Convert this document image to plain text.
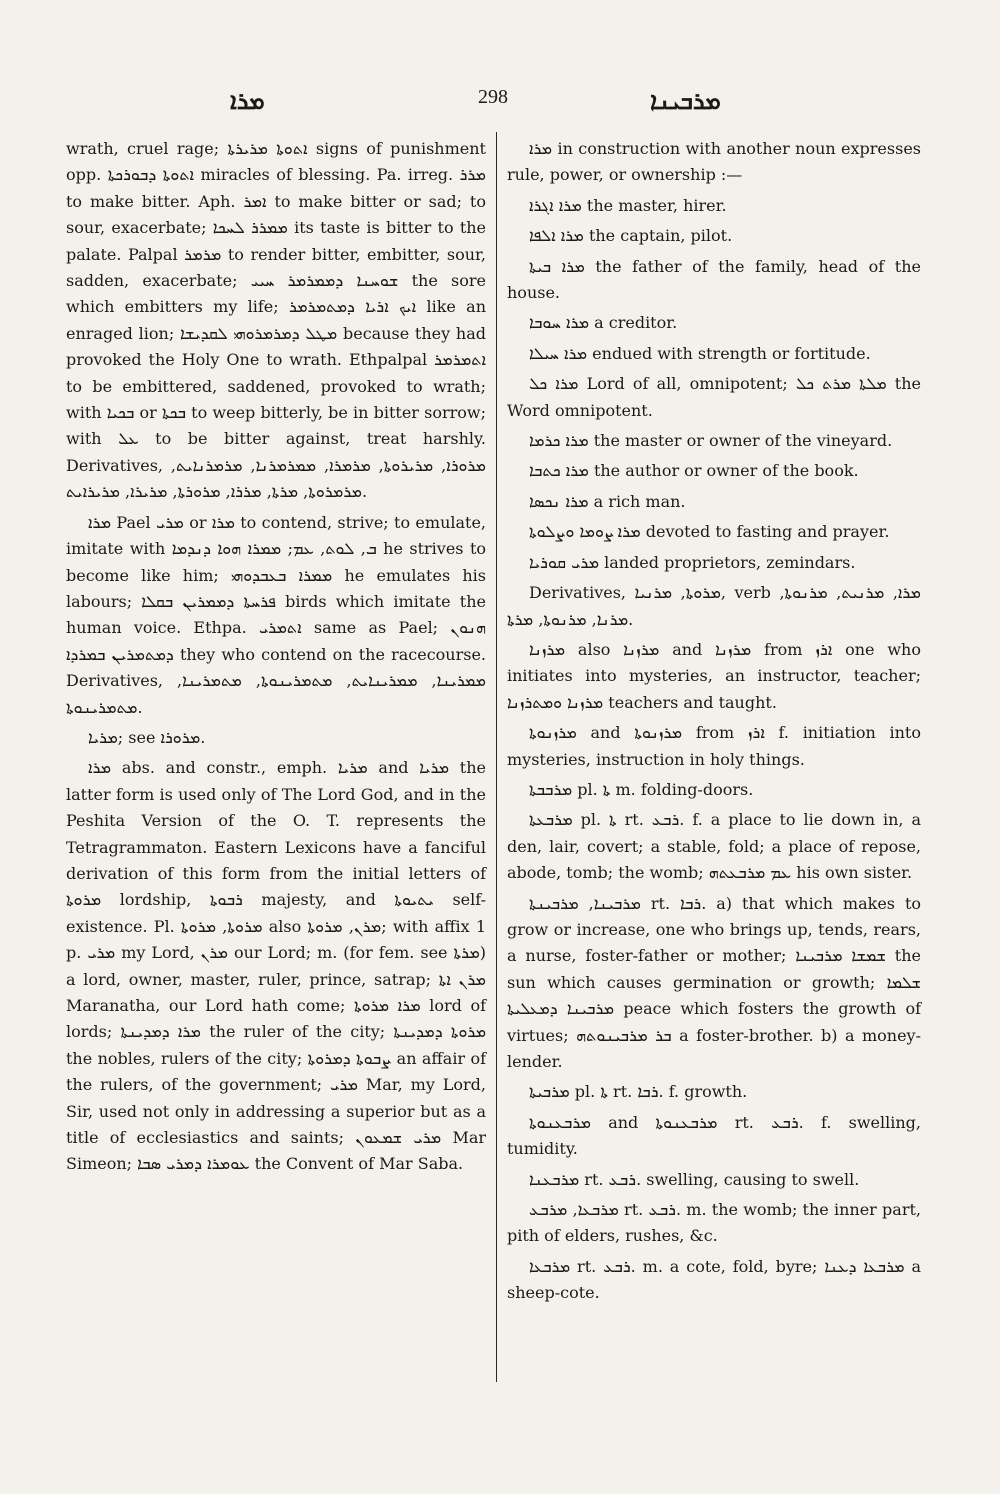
ܡܪܐ	298	ܡܪܒܝܢܐ

wrath, cruel rage; ܐܬܘܬܐ ܡܪܝܪܬܐ signs of punishment opp. ܐܬܘܬܐ ܕܒܘܪܟܬܐ miracles of blessing. Pa. irreg. ܡܪܪ to make bitter. Aph. ܐܡܪ to make bitter or sad; to sour, exacerbate; ܡܡܪܪ ܠܚܟܐ its taste is bitter to the palate. Palpal ܡܪܡܪ to render bitter, embitter, sour, sadden, exacerbate; ܫܘܚܢܐ ܕܡܡܪܡܪ ܚܝܝ the sore which embitters my life; ܐܝܟ ܐܪܝܐ ܕܡܬܡܪܡܪ like an enraged lion; ܡܛܠ ܕܡܪܡܪܘܗܝ ܠܩܕܝܫܐ because they had provoked the Holy One to wrath. Ethpalpal ܐܬܡܪܡܪ to be embittered, saddened, provoked to wrath; with ܒܟܝܐ or ܒܟܬܐ to weep bitterly, be in bitter sorrow; with ܥܠ to be bitter against, treat harshly. Derivatives, ܡܪܘܪܐ, ܡܪܝܪܘܬܐ, ܡܪܡܪܐ, ܡܡܪܡܪܢܐ, ܡܪܡܪܢܐܝܬ, ܡܪܡܪܘܬܐ, ܡܪܬܐ, ܡܪܪܐ, ܡܪܘܪܬܐ, ܡܪܝܪܐ, ܡܪܝܪܐܝܬ.

ܡܪܐ Pael ܡܪܝ or ܡܪܐ to contend, strive; to emulate, imitate with ܒ, ܠܘܬ, ܥܡ; ܡܡܪܐ ܗܘܐ ܕܢܕܡܐ he strives to become like him; ܡܡܪܐ ܒܥܒܕܘܗܝ he emulates his labours; ܦܪܚܬܐ ܕܡܡܪܝܢ ܒܩܠܐ birds which imitate the human voice. Ethpa. ܐܬܡܪܝ same as Pael; ܗܢܘܢ ܕܡܬܡܪܝܢ ܒܡܪܕܐ they who contend on the racecourse. Derivatives, ܡܡܪܝܢܐ, ܡܡܪܝܢܐܝܬ, ܡܬܡܪܝܢܘܬܐ, ܡܬܡܪܝܢܐ, ܡܬܡܪܝܢܘܬܐ.

ܡܪܝܐ; see ܡܪܘܪܐ.

ܡܪܐ abs. and constr., emph. ܡܪܝܐ and ܡܪܝܐ the latter form is used only of The Lord God, and in the Peshita Version of the O. T. represents the Tetragrammaton. Eastern Lexicons have a fanciful derivation of this form from the initial letters of ܡܪܘܬܐ lordship, ܪܒܘܬܐ majesty, and ܝܬܝܘܬܐ self-existence. Pl. ܡܪܘܬܐ, ܡܪܘܬܐ also ܡܪܢ, ܡܪܘܬܐ; with affix 1 p. ܡܪܝ my Lord, ܡܪܢ our Lord; m. (for fem. see ܡܪܬܐ) a lord, owner, master, ruler, prince, satrap; ܡܪܢ ܐܬܐ Maranatha, our Lord hath come; ܡܪܐ ܡܪܘܬܐ lord of lords; ܡܪܐ ܕܡܕܝܢܬܐ the ruler of the city; ܡܪܘܬܐ ܕܡܕܝܢܬܐ the nobles, rulers of the city; ܨܒܘܬܐ ܕܡܪܘܬܐ an affair of the rulers, of the government; ܡܪܝ Mar, my Lord, Sir, used not only in addressing a superior but as a title of ecclesiastics and saints; ܡܪܝ ܫܡܥܘܢ Mar Simeon; ܥܘܡܪܐ ܕܡܪܝ ܣܒܐ the Convent of Mar Saba.

ܡܪܐ in construction with another noun expresses rule, power, or ownership :—

ܡܪܐ ܐܓܪܐ the master, hirer.

ܡܪܐ ܐܠܦܐ the captain, pilot.

ܡܪܐ ܒܝܬܐ the father of the family, head of the house.

ܡܪܐ ܚܘܒܐ a creditor.

ܡܪܐ ܚܝܠܐ endued with strength or fortitude.

ܡܪܐ ܟܠ Lord of all, omnipotent; ܡܠܬܐ ܡܪܬ ܟܠ the Word omnipotent.

ܡܪܐ ܟܪܡܐ the master or owner of the vineyard.

ܡܪܐ ܟܬܒܐ the author or owner of the book.

ܡܪܐ ܢܟܣܐ a rich man.

ܡܪܐ ܨܘܡܐ ܘܨܠܘܬܐ devoted to fasting and prayer.

ܡܪܝ ܩܘܪܝܐ landed proprietors, zemindars.

Derivatives, ܡܪܘܬܐ, ܡܪܢܝܐ, verb ܡܪܐ, ܡܪܢܝܬ, ܡܪܢܘܬܐ, ܡܪܢܐ, ܡܪܢܘܬܐ, ܡܪܬܐ.

ܡܪܙܢܐ also ܡܪܙܢܐ and ܡܪܙܢܐ from ܐܪܙ one who initiates into mysteries, an instructor, teacher; ܡܪܙܢܐ ܘܡܬܪܙܢܐ teachers and taught.

ܡܪܙܢܘܬܐ and ܡܪܙܢܘܬܐ from ܐܪܙ f. initiation into mysteries, instruction in holy things.

ܡܪܒܒܬܐ pl. ܬܐ m. folding-doors.

ܡܪܒܥܬܐ pl. ܬܐ rt. ܪܒܥ. f. a place to lie down in, a den, lair, covert; a stable, fold; a place of repose, abode, tomb; the womb; ܥܡ ܡܪܒܥܬܗ his own sister.

ܡܪܒܝܢܐ, ܡܪܒܝܢܬܐ rt. ܪܒܐ. a) that which makes to grow or increase, one who brings up, tends, rears, a nurse, foster-father or mother; ܫܡܫܐ ܡܪܒܝܢܐ the sun which causes germination or growth; ܫܠܡܐ ܡܪܒܝܢܐ ܕܡܥܠܝܬܐ peace which fosters the growth of virtues; ܒܪ ܡܪܒܝܢܘܬܗ a foster-brother. b) a money-lender.

ܡܪܒܝܬܐ pl. ܬܐ rt. ܪܒܐ. f. growth.

ܡܪܒܥܢܘܬܐ and ܡܪܒܥܢܘܬܐ rt. ܪܒܥ. f. swelling, tumidity.

ܡܪܒܥܢܐ rt. ܪܒܥ. swelling, causing to swell.

ܡܪܒܥܐ, ܡܪܒܥ rt. ܪܒܥ. m. the womb; the inner part, pith of elders, rushes, &c.

ܡܪܒܥܐ rt. ܪܒܥ. m. a cote, fold, byre; ܡܪܒܥܐ ܕܥܢܐ a sheep-cote.
